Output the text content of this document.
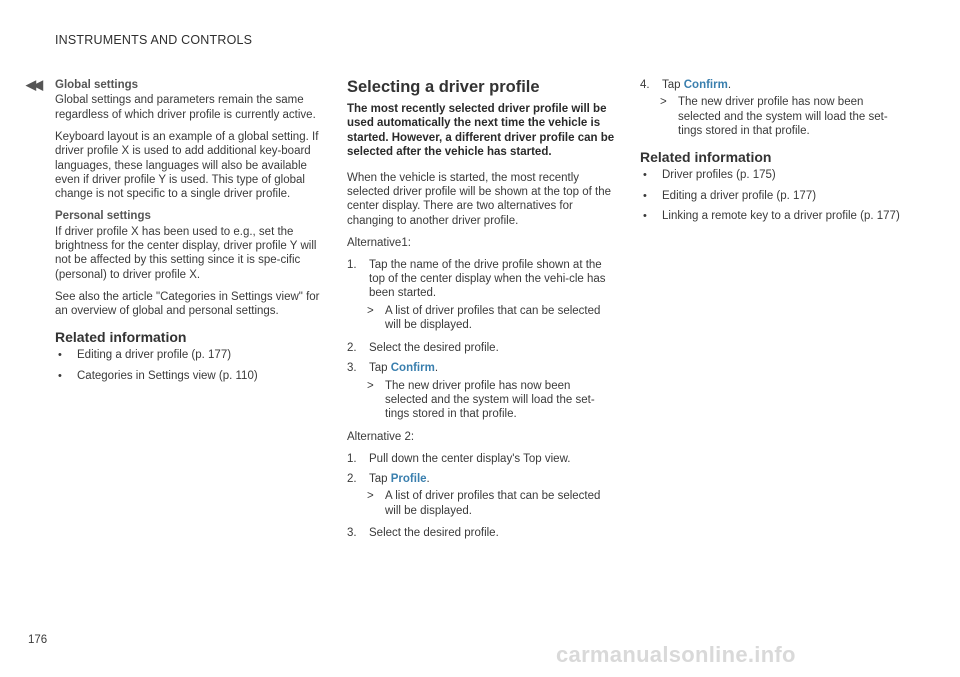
INSTRUMENTS AND CONTROLS
◀◀ Global settings

Global settings and parameters remain the same regardless of which driver profile is currently active.

Keyboard layout is an example of a global setting. If driver profile X is used to add additional key-board languages, these languages will also be available even if driver profile Y is used. This type of global change is not specific to a single driver profile.

Personal settings

If driver profile X has been used to e.g., set the brightness for the center display, driver profile Y will not be affected by this setting since it is spe-cific (personal) to driver profile X.

See also the article "Categories in Settings view" for an overview of global and personal settings.

Related information
• Editing a driver profile (p. 177)
• Categories in Settings view (p. 110)
Selecting a driver profile

The most recently selected driver profile will be used automatically the next time the vehicle is started. However, a different driver profile can be selected after the vehicle has started.

When the vehicle is started, the most recently selected driver profile will be shown at the top of the center display. There are two alternatives for changing to another driver profile.

Alternative1:

1. Tap the name of the drive profile shown at the top of the center display when the vehi-cle has been started.
> A list of driver profiles that can be selected will be displayed.
2. Select the desired profile.
3. Tap Confirm.
> The new driver profile has now been selected and the system will load the set-tings stored in that profile.

Alternative 2:

1. Pull down the center display's Top view.
2. Tap Profile.
> A list of driver profiles that can be selected will be displayed.
3. Select the desired profile.
4. Tap Confirm.
> The new driver profile has now been selected and the system will load the set-tings stored in that profile.
Related information
• Driver profiles (p. 175)
• Editing a driver profile (p. 177)
• Linking a remote key to a driver profile (p. 177)
176
carmanualsonline.info
